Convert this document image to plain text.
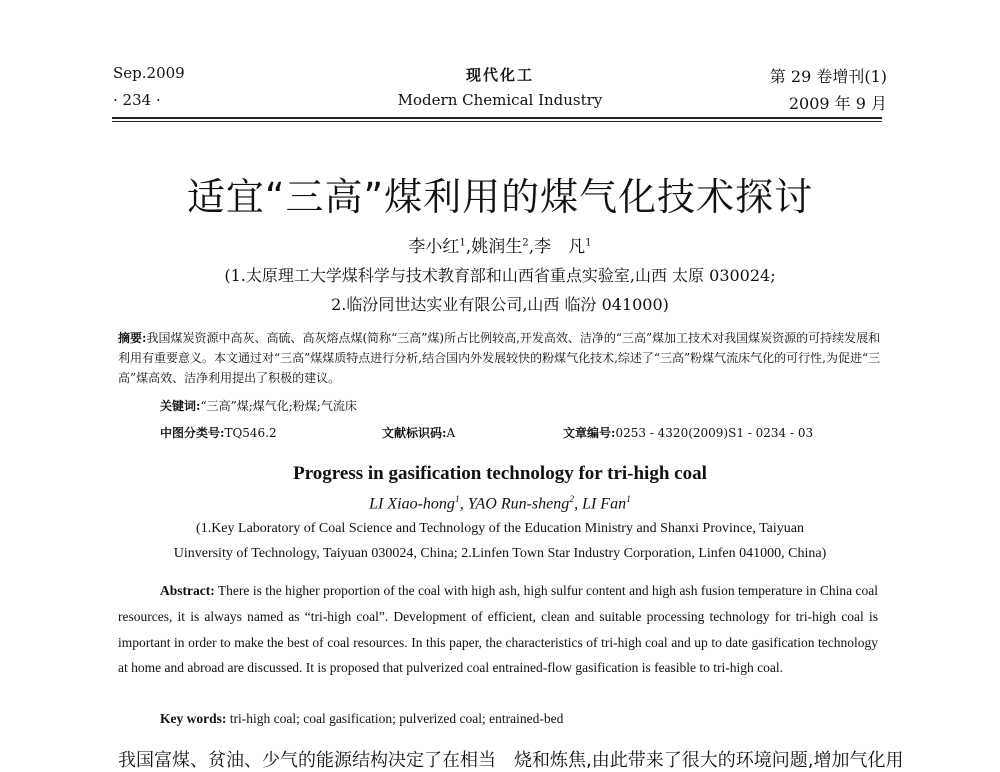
Sep.2009
· 234 ·
现代化工
Modern Chemical Industry
第 29 卷增刊(1)
2009 年 9 月
适宜“三高”煤利用的煤气化技术探讨
李小红$^1$,姚润生$^2$,李　凡$^1$
(1.太原理工大学煤科学与技术教育部和山西省重点实验室,山西 太原 030024;
2.临汾同世达实业有限公司,山西 临汾 041000)
摘要:我国煤炭资源中高灰、高硫、高灰熔点煤(简称“三高”煤)所占比例较高,开发高效、洁净的“三高”煤加工技术对我国煤炭资源的可持续发展和利用有重要意义。本文通过对“三高”煤煤质特点进行分析,结合国内外发展较快的粉煤气化技术,综述了“三高”粉煤气流床气化的可行性,为促进“三高”煤高效、洁净利用提出了积极的建议。
关键词:“三高”煤;煤气化;粉煤;气流床
中图分类号:TQ546.2	文献标识码:A	文章编号:0253 - 4320(2009)S1 - 0234 - 03
Progress in gasification technology for tri-high coal
LI Xiao-hong$^1$, YAO Run-sheng$^2$, LI Fan$^1$
(1.Key Laboratory of Coal Science and Technology of the Education Ministry and Shanxi Province, Taiyuan
Uinversity of Technology, Taiyuan 030024, China; 2.Linfen Town Star Industry Corporation, Linfen 041000, China)
Abstract: There is the higher proportion of the coal with high ash, high sulfur content and high ash fusion temperature in China coal resources, it is always named as “tri-high coal”. Development of efficient, clean and suitable processing technology for tri-high coal is important in order to make the best of coal resources. In this paper, the characteristics of tri-high coal and up to date gasification technology at home and abroad are discussed. It is proposed that pulverized coal entrained-flow gasification is feasible to tri-high coal.
Key words: tri-high coal; coal gasification; pulverized coal; entrained-bed
我国富煤、贫油、少气的能源结构决定了在相当 烧和炼焦,由此带来了很大的环境问题,增加气化用
